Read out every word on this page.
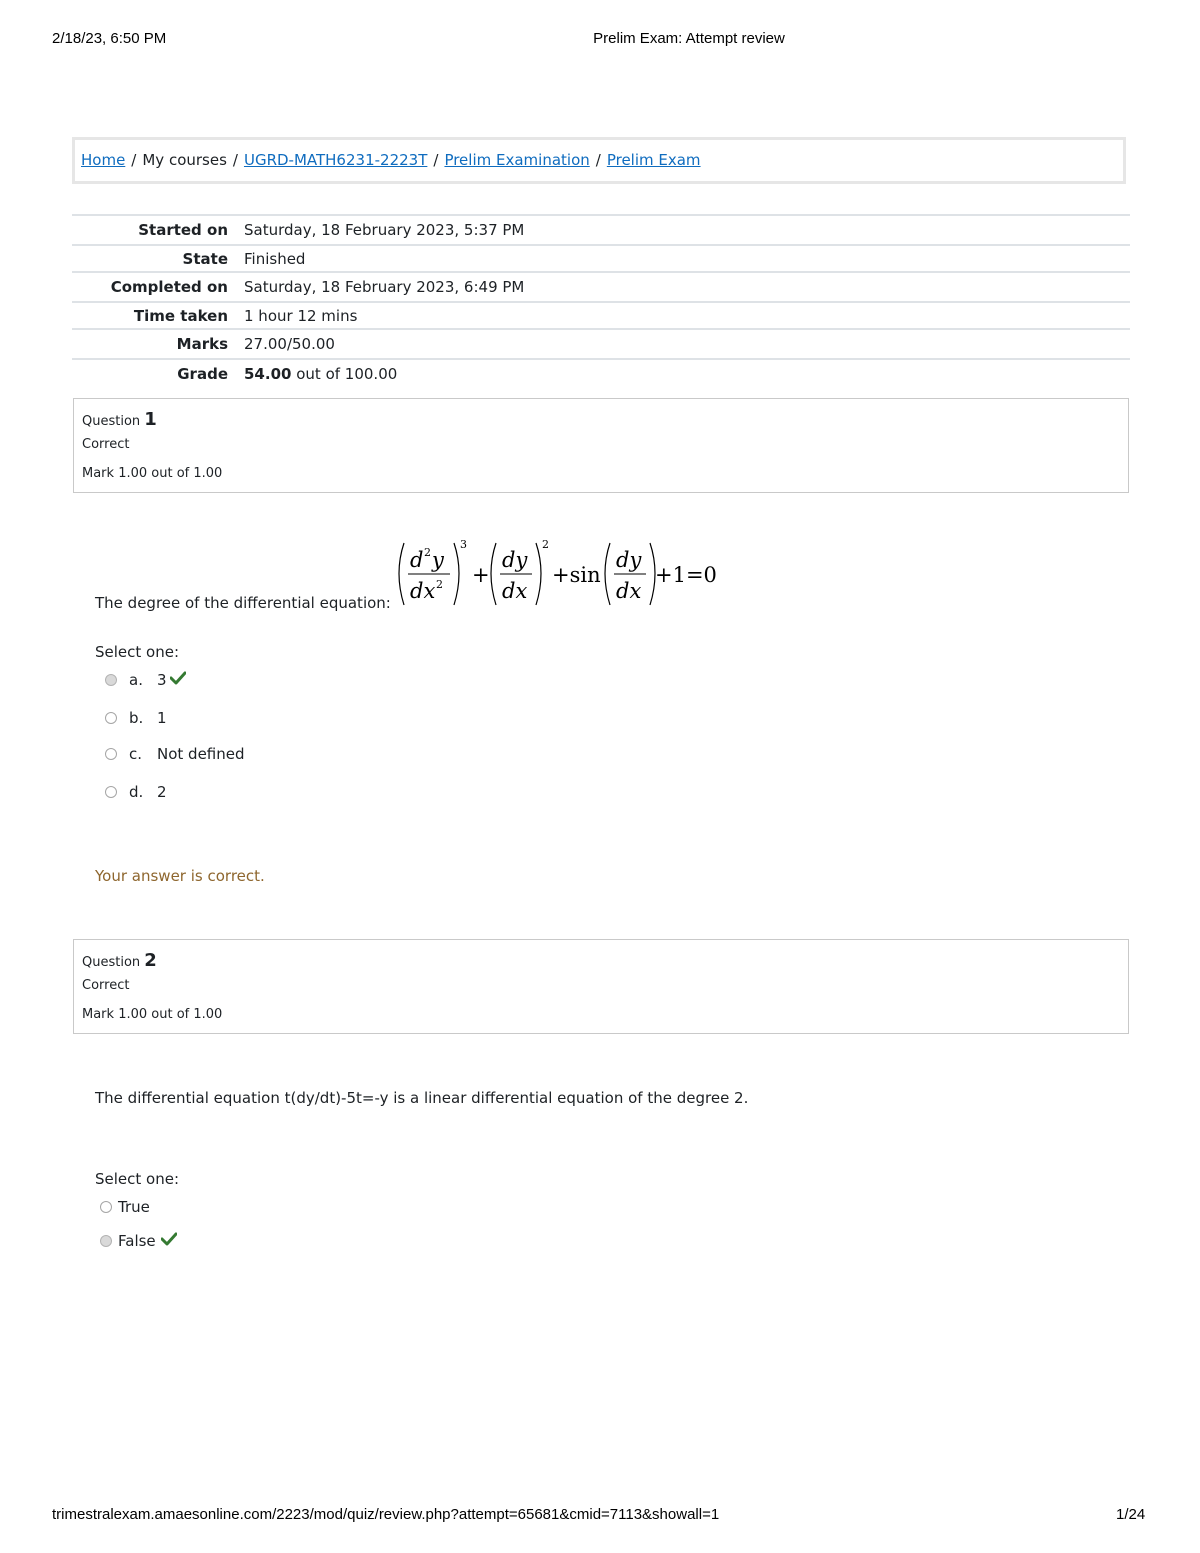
2/18/23, 6:50 PM	Prelim Exam: Attempt review
Home / My courses / UGRD-MATH6231-2223T / Prelim Examination / Prelim Exam
Started on	Saturday, 18 February 2023, 5:37 PM
State	Finished
Completed on	Saturday, 18 February 2023, 6:49 PM
Time taken	1 hour 12 mins
Marks	27.00/50.00
Grade	54.00 out of 100.00
Question 1
Correct
Mark 1.00 out of 1.00
The degree of the differential equation:
d 2 y
dx 2
3
+
dy
dx
2
+sin
dy
dx
+1=0
Select one:
a. 3
b. 1
c. Not defined
d. 2
Your answer is correct.
Question 2
Correct
Mark 1.00 out of 1.00
The differential equation t(dy/dt)-5t=-y is a linear differential equation of the degree 2.
Select one:
True
False
trimestralexam.amaesonline.com/2223/mod/quiz/review.php?attempt=65681&cmid=7113&showall=1	1/24
